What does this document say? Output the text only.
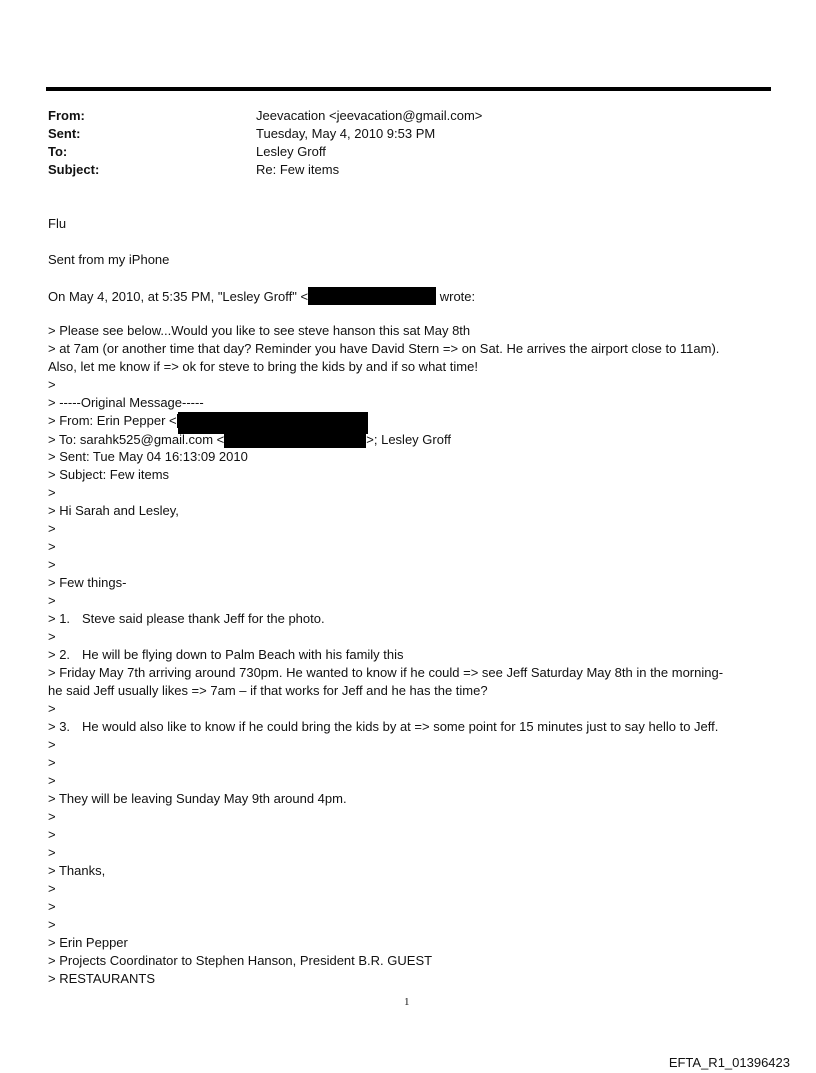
From:	Jeevacation <jeevacation@gmail.com>
Sent:	Tuesday, May 4, 2010 9:53 PM
To:	Lesley Groff
Subject:	Re: Few items
Flu
Sent from my iPhone
On May 4, 2010, at 5:35 PM, "Lesley Groff" <	wrote:
> Please see below...Would you like to see steve hanson this sat May 8th
> at 7am (or another time that day? Reminder you have David Stern => on Sat. He arrives the airport close to 11am).
Also, let me know if => ok for steve to bring the kids by and if so what time!
>
> -----Original Message-----
> From: Erin Pepper <
> To: sarahk525@gmail.com <	>; Lesley Groff
> Sent: Tue May 04 16:13:09 2010
> Subject: Few items
>
> Hi Sarah and Lesley,
>
>
>
> Few things-
>
> 1. Steve said please thank Jeff for the photo.
>
> 2. He will be flying down to Palm Beach with his family this
> Friday May 7th arriving around 730pm. He wanted to know if he could => see Jeff Saturday May 8th in the morning-
he said Jeff usually likes => 7am – if that works for Jeff and he has the time?
>
> 3. He would also like to know if he could bring the kids by at => some point for 15 minutes just to say hello to Jeff.
>
>
>
> They will be leaving Sunday May 9th around 4pm.
>
>
>
> Thanks,
>
>
>
> Erin Pepper
> Projects Coordinator to Stephen Hanson, President B.R. GUEST
> RESTAURANTS
1
EFTA_R1_01396423
